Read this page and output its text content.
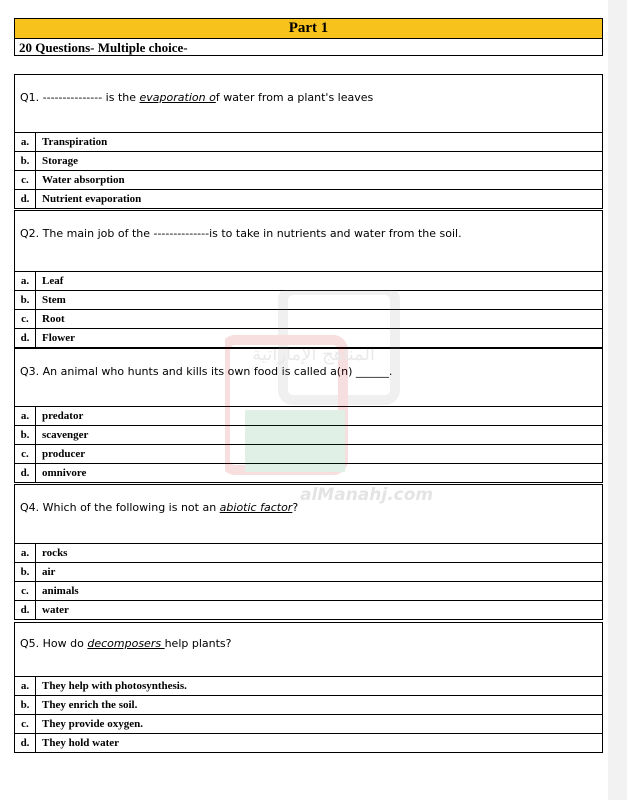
Part 1
20 Questions- Multiple choice-
Q1. --------------- is the evaporation of water from a plant's leaves	

a.	Transpiration
b.	Storage
c.	Water absorption
d.	Nutrient evaporation
Q2. The main job of the --------------is to take in nutrients and water from the soil.	

a.	Leaf
b.	Stem
c.	Root
d.	Flower
Q3. An animal who hunts and kills its own food is called a(n) ______.	

a.	predator
b.	scavenger
c.	producer
d.	omnivore
Q4. Which of the following is not an abiotic factor?	

a.	rocks
b.	air
c.	animals
d.	water
Q5. How do decomposers help plants?	

a.	They help with photosynthesis.
b.	They enrich the soil.
c.	They provide oxygen.
d.	They hold water
المناهج الإماراتية
alManahj.com
